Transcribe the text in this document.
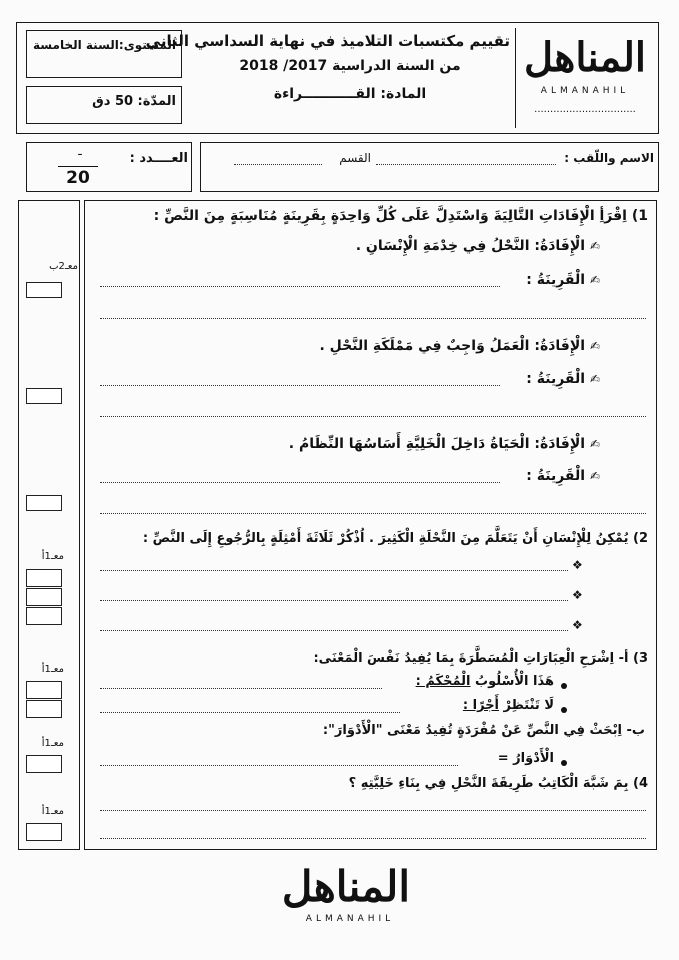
المناهل
ALMANAHIL
................................
تقييم مكتسبات التلاميذ في نهاية السداسي الثاني
من السنة الدراسية 2017/ 2018
المادة: القـــــــــــراءة
المستوى:السنة الخامسة
المدّة: 50 دق
الاسم واللّقب :
القسم
العــــدد :
ـ
20
معـ2ب
معـ1أ
معـ1أ
معـ1أ
معـ1أ
1) اِقْرَأِ الْإِفَادَاتِ التَّالِيَةَ وَاسْتَدِلَّ عَلَى كُلِّ وَاحِدَةٍ بِقَرِينَةٍ مُنَاسِبَةٍ مِنَ النَّصِّ :
✍ الْإِفَادَةُ: النَّحْلُ فِي خِدْمَةِ الْإِنْسَانِ .
✍ الْقَرِينَةُ :
✍ الْإِفَادَةُ: الْعَمَلُ وَاجِبٌ فِي مَمْلَكَةِ النَّحْلِ .
✍ الْقَرِينَةُ :
✍ الْإِفَادَةُ: الْحَيَاةُ دَاخِلَ الْخَلِيَّةِ أَسَاسُهَا النِّظَامُ .
✍ الْقَرِينَةُ :
2) يُمْكِنُ لِلْإِنْسَانِ أَنْ يَتَعَلَّمَ مِنَ النَّحْلَةِ الْكَثِيرَ . اُذْكُرْ ثَلَاثَةَ أَمْثِلَةٍ بِالرُّجُوعِ إِلَى النَّصِّ :
❖
❖
❖
3) أ- اِشْرَحِ الْعِبَارَاتِ الْمُسَطَّرَةَ بِمَا يُفِيدُ نَفْسَ الْمَعْنَى:
هَذَا الْأُسْلُوبُ الْمُحْكَمُ :
لَا تَنْتَظِرْ أَجْرًا :
ب- اِبْحَثْ فِي النَّصِّ عَنْ مُفْرَدَةٍ تُفِيدُ مَعْنَى "الْأَدْوَارَ":
الْأَدْوَارُ =
4) بِمَ شَبَّهَ الْكَاتِبُ طَرِيقَةَ النَّحْلِ فِي بِنَاءِ خَلِيَّتِهِ ؟
المناهل
ALMANAHIL
